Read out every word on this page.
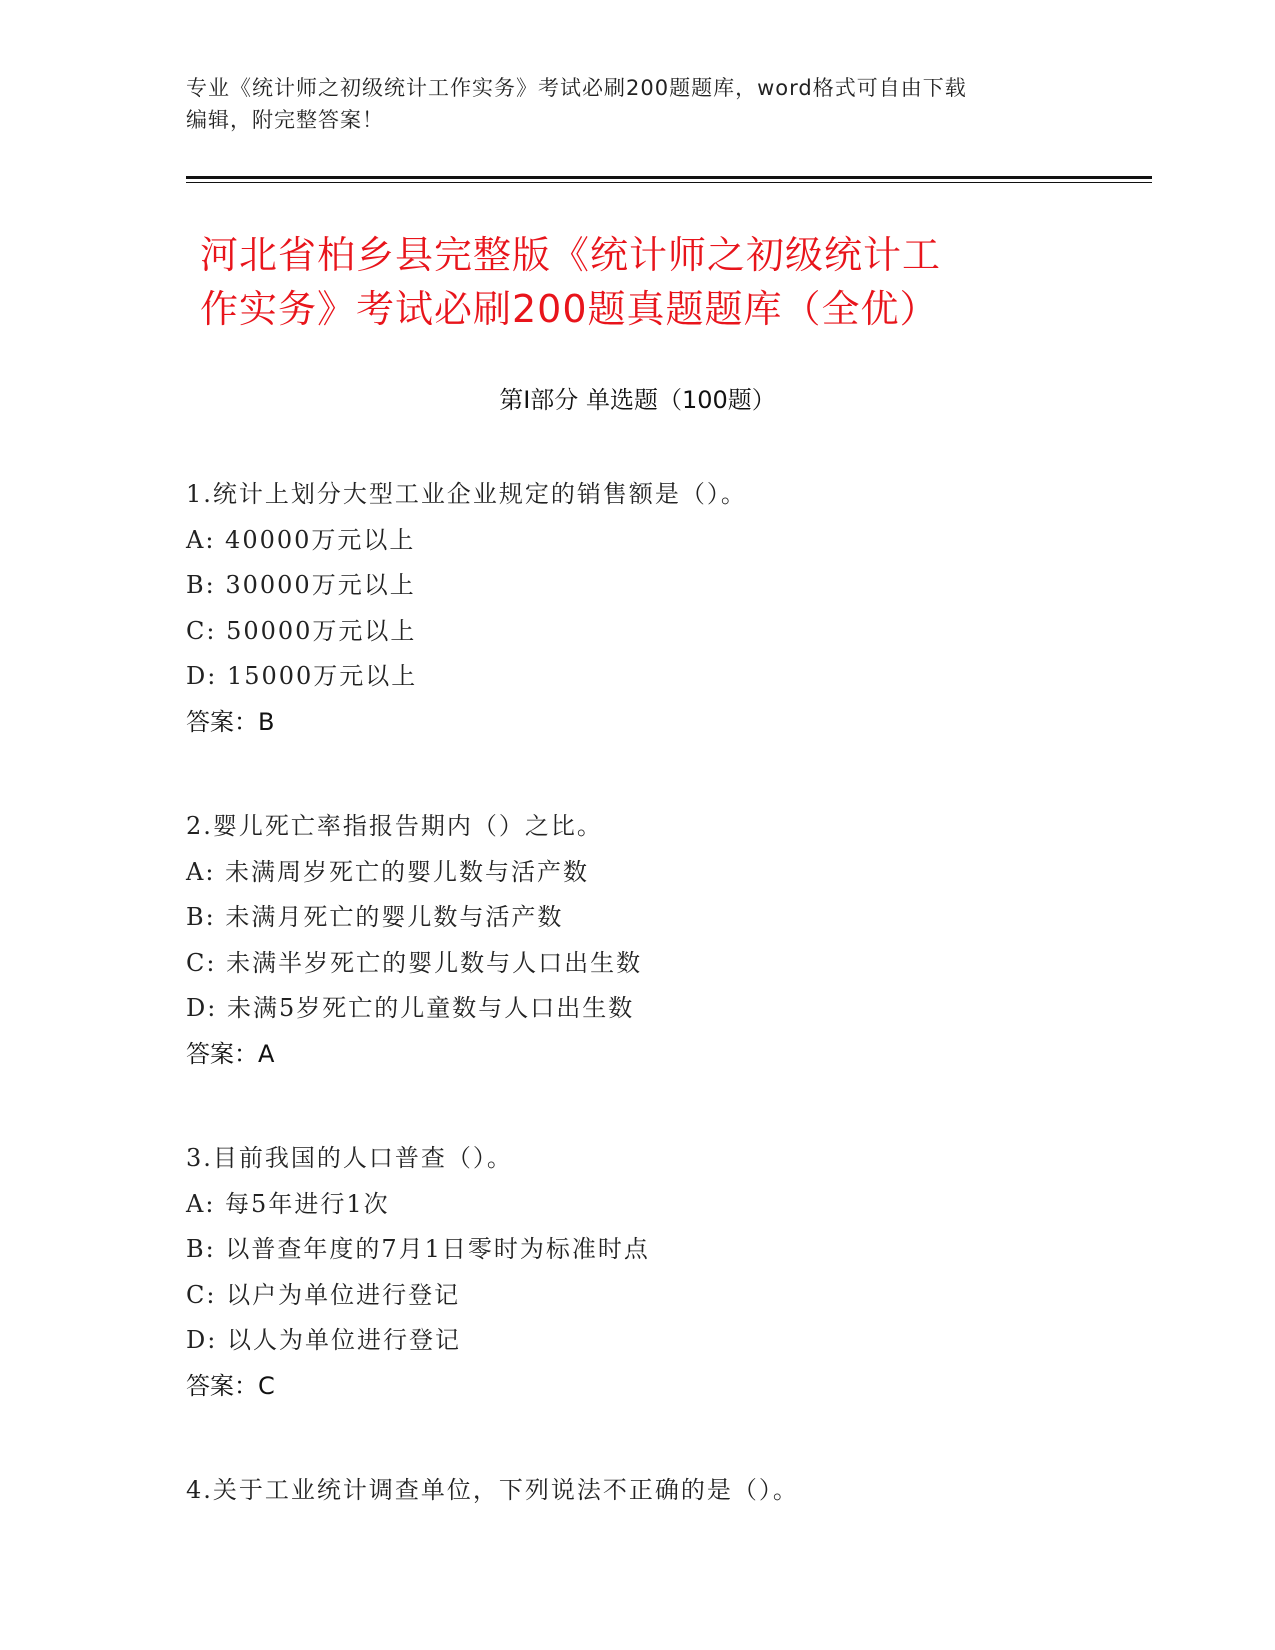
专业《统计师之初级统计工作实务》考试必刷200题题库，word格式可自由下载
编辑，附完整答案！
河北省柏乡县完整版《统计师之初级统计工
作实务》考试必刷200题真题题库（全优）
第Ⅰ部分 单选题（100题）
1.统计上划分大型工业企业规定的销售额是（）。
A: 40000万元以上
B: 30000万元以上
C: 50000万元以上
D: 15000万元以上
答案：B
2.婴儿死亡率指报告期内（）之比。
A: 未满周岁死亡的婴儿数与活产数
B: 未满月死亡的婴儿数与活产数
C: 未满半岁死亡的婴儿数与人口出生数
D: 未满5岁死亡的儿童数与人口出生数
答案：A
3.目前我国的人口普查（）。
A: 每5年进行1次
B: 以普查年度的7月1日零时为标准时点
C: 以户为单位进行登记
D: 以人为单位进行登记
答案：C
4.关于工业统计调查单位，下列说法不正确的是（）。
